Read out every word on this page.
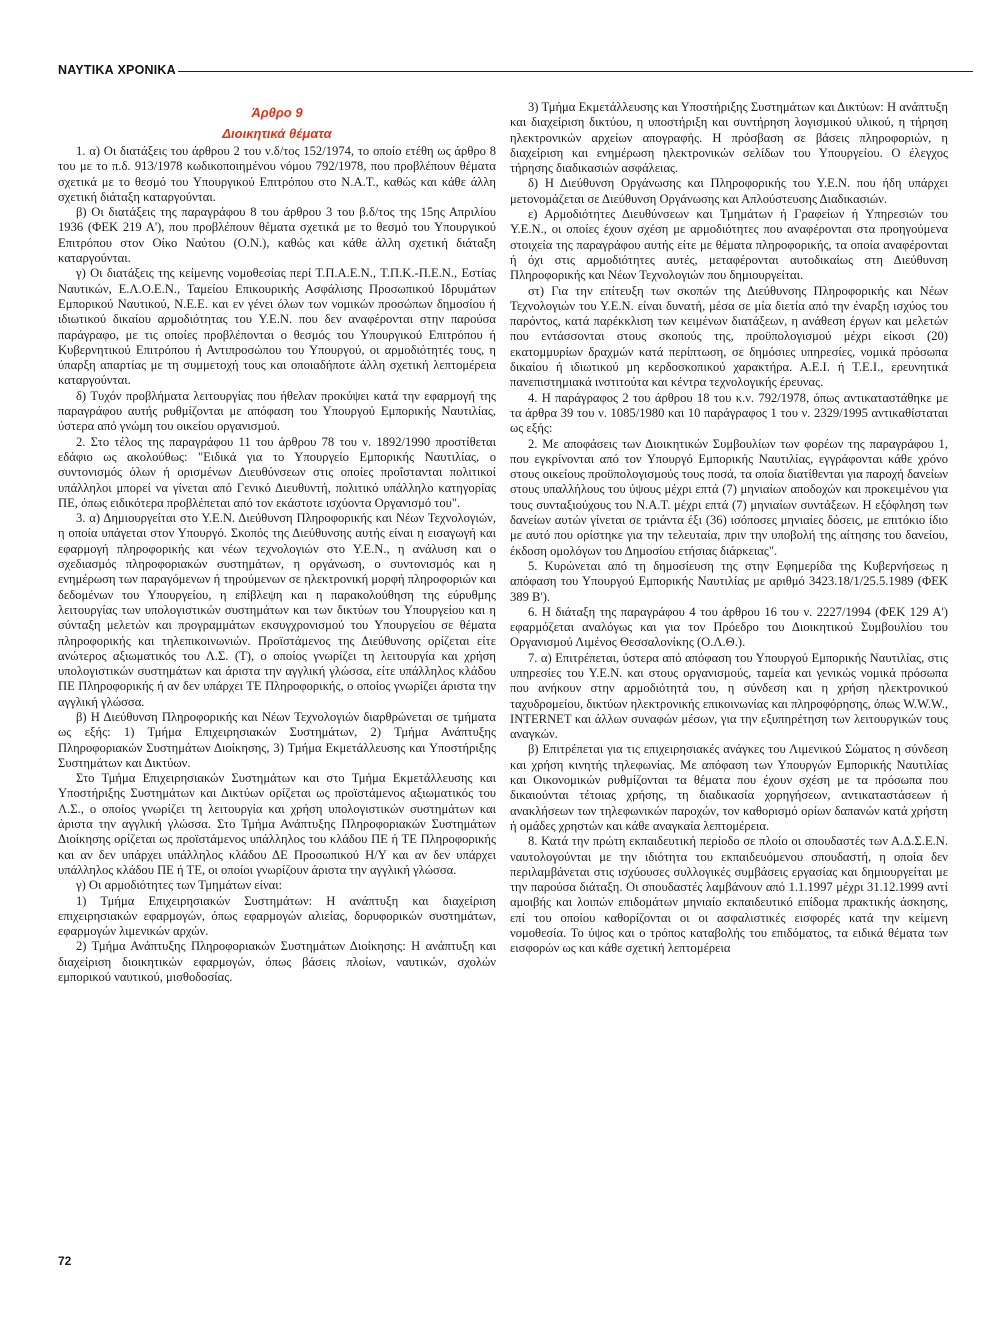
ΝΑΥΤΙΚΑ ΧΡΟΝΙΚΑ
Άρθρο 9
Διοικητικά θέματα

1. α) Οι διατάξεις του άρθρου 2 του ν.δ/τος 152/1974, το οποίο ετέθη ως άρθρο 8 του με το π.δ. 913/1978 κωδικοποιημένου νόμου 792/1978, που προβλέπουν θέματα σχετικά με το θεσμό του Υπουργικού Επιτρόπου στο Ν.Α.Τ., καθώς και κάθε άλλη σχετική διάταξη καταργούνται.

β) Οι διατάξεις της παραγράφου 8 του άρθρου 3 του β.δ/τος της 15ης Απριλίου 1936 (ΦΕΚ 219 Α'), που προβλέπουν θέματα σχετικά με το θεσμό του Υπουργικού Επιτρόπου στον Οίκο Ναύτου (Ο.Ν.), καθώς και κάθε άλλη σχετική διάταξη καταργούνται.

γ) Οι διατάξεις της κείμενης νομοθεσίας περί Τ.Π.Α.Ε.Ν., Τ.Π.Κ.-Π.Ε.Ν., Εστίας Ναυτικών, Ε.Λ.Ο.Ε.Ν., Ταμείου Επικουρικής Ασφάλισης Προσωπικού Ιδρυμάτων Εμπορικού Ναυτικού, Ν.Ε.Ε. και εν γένει όλων των νομικών προσώπων δημοσίου ή ιδιωτικού δικαίου αρμοδιότητας του Υ.Ε.Ν. που δεν αναφέρονται στην παρούσα παράγραφο, με τις οποίες προβλέπονται ο θεσμός του Υπουργικού Επιτρόπου ή Κυβερνητικού Επιτρόπου ή Αντιπροσώπου του Υπουργού, οι αρμοδιότητές τους, η ύπαρξη απαρτίας με τη συμμετοχή τους και οποιαδήποτε άλλη σχετική λεπτομέρεια καταργούνται.

δ) Τυχόν προβλήματα λειτουργίας που ήθελαν προκύψει κατά την εφαρμογή της παραγράφου αυτής ρυθμίζονται με απόφαση του Υπουργού Εμπορικής Ναυτιλίας, ύστερα από γνώμη του οικείου οργανισμού.

2. Στο τέλος της παραγράφου 11 του άρθρου 78 του ν. 1892/1990 προστίθεται εδάφιο ως ακολούθως: "Ειδικά για το Υπουργείο Εμπορικής Ναυτιλίας, ο συντονισμός όλων ή ορισμένων Διευθύνσεων στις οποίες προΐστανται πολιτικοί υπάλληλοι μπορεί να γίνεται από Γενικό Διευθυντή, πολιτικό υπάλληλο κατηγορίας ΠΕ, όπως ειδικότερα προβλέπεται από τον εκάστοτε ισχύοντα Οργανισμό του".

3. α) Δημιουργείται στο Υ.Ε.Ν. Διεύθυνση Πληροφορικής και Νέων Τεχνολογιών, η οποία υπάγεται στον Υπουργό. Σκοπός της Διεύθυνσης αυτής είναι η εισαγωγή και εφαρμογή πληροφορικής και νέων τεχνολογιών στο Υ.Ε.Ν., η ανάλυση και ο σχεδιασμός πληροφοριακών συστημάτων, η οργάνωση, ο συντονισμός και η ενημέρωση των παραγόμενων ή τηρούμενων σε ηλεκτρονική μορφή πληροφοριών και δεδομένων του Υπουργείου, η επίβλεψη και η παρακολούθηση της εύρυθμης λειτουργίας των υπολογιστικών συστημάτων και των δικτύων του Υπουργείου και η σύνταξη μελετών και προγραμμάτων εκσυγχρονισμού του Υπουργείου σε θέματα πληροφορικής και τηλεπικοινωνιών. Προϊστάμενος της Διεύθυνσης ορίζεται είτε ανώτερος αξιωματικός του Λ.Σ. (Τ), ο οποίος γνωρίζει τη λειτουργία και χρήση υπολογιστικών συστημάτων και άριστα την αγγλική γλώσσα, είτε υπάλληλος κλάδου ΠΕ Πληροφορικής ή αν δεν υπάρχει ΤΕ Πληροφορικής, ο οποίος γνωρίζει άριστα την αγγλική γλώσσα.

β) Η Διεύθυνση Πληροφορικής και Νέων Τεχνολογιών διαρθρώνεται σε τμήματα ως εξής: 1) Τμήμα Επιχειρησιακών Συστημάτων, 2) Τμήμα Ανάπτυξης Πληροφοριακών Συστημάτων Διοίκησης, 3) Τμήμα Εκμετάλλευσης και Υποστήριξης Συστημάτων και Δικτύων.

Στο Τμήμα Επιχειρησιακών Συστημάτων και στο Τμήμα Εκμετάλλευσης και Υποστήριξης Συστημάτων και Δικτύων ορίζεται ως προϊστάμενος αξιωματικός του Λ.Σ., ο οποίος γνωρίζει τη λειτουργία και χρήση υπολογιστικών συστημάτων και άριστα την αγγλική γλώσσα. Στο Τμήμα Ανάπτυξης Πληροφοριακών Συστημάτων Διοίκησης ορίζεται ως προϊστάμενος υπάλληλος του κλάδου ΠΕ ή ΤΕ Πληροφορικής και αν δεν υπάρχει υπάλληλος κλάδου ΔΕ Προσωπικού Η/Υ και αν δεν υπάρχει υπάλληλος κλάδου ΠΕ ή ΤΕ, οι οποίοι γνωρίζουν άριστα την αγγλική γλώσσα.

γ) Οι αρμοδιότητες των Τμημάτων είναι:

1) Τμήμα Επιχειρησιακών Συστημάτων: Η ανάπτυξη και διαχείριση επιχειρησιακών εφαρμογών, όπως εφαρμογών αλιείας, δορυφορικών συστημάτων, εφαρμογών λιμενικών αρχών.

2) Τμήμα Ανάπτυξης Πληροφοριακών Συστημάτων Διοίκησης: Η ανάπτυξη και διαχείριση διοικητικών εφαρμογών, όπως βάσεις πλοίων, ναυτικών, σχολών εμπορικού ναυτικού, μισθοδοσίας.

3) Τμήμα Εκμετάλλευσης και Υποστήριξης Συστημάτων και Δικτύων: Η ανάπτυξη και διαχείριση δικτύου, η υποστήριξη και συντήρηση λογισμικού υλικού, η τήρηση ηλεκτρονικών αρχείων απογραφής. Η πρόσβαση σε βάσεις πληροφοριών, η διαχείριση και ενημέρωση ηλεκτρονικών σελίδων του Υπουργείου. Ο έλεγχος τήρησης διαδικασιών ασφάλειας.

δ) Η Διεύθυνση Οργάνωσης και Πληροφορικής του Υ.Ε.Ν. που ήδη υπάρχει μετονομάζεται σε Διεύθυνση Οργάνωσης και Απλούστευσης Διαδικασιών.

ε) Αρμοδιότητες Διευθύνσεων και Τμημάτων ή Γραφείων ή Υπηρεσιών του Υ.Ε.Ν., οι οποίες έχουν σχέση με αρμοδιότητες που αναφέρονται στα προηγούμενα στοιχεία της παραγράφου αυτής είτε με θέματα πληροφορικής, τα οποία αναφέρονται ή όχι στις αρμοδιότητες αυτές, μεταφέρονται αυτοδικαίως στη Διεύθυνση Πληροφορικής και Νέων Τεχνολογιών που δημιουργείται.

στ) Για την επίτευξη των σκοπών της Διεύθυνσης Πληροφορικής και Νέων Τεχνολογιών του Υ.Ε.Ν. είναι δυνατή, μέσα σε μία διετία από την έναρξη ισχύος του παρόντος, κατά παρέκκλιση των κειμένων διατάξεων, η ανάθεση έργων και μελετών που εντάσσονται στους σκοπούς της, προϋπολογισμού μέχρι είκοσι (20) εκατομμυρίων δραχμών κατά περίπτωση, σε δημόσιες υπηρεσίες, νομικά πρόσωπα δικαίου ή ιδιωτικού μη κερδοσκοπικού χαρακτήρα. Α.Ε.Ι. ή Τ.Ε.Ι., ερευνητικά πανεπιστημιακά ινστιτούτα και κέντρα τεχνολογικής έρευνας.

4. Η παράγραφος 2 του άρθρου 18 του κ.ν. 792/1978, όπως αντικαταστάθηκε με τα άρθρα 39 του ν. 1085/1980 και 10 παράγραφος 1 του ν. 2329/1995 αντικαθίσταται ως εξής:

2. Με αποφάσεις των Διοικητικών Συμβουλίων των φορέων της παραγράφου 1, που εγκρίνονται από τον Υπουργό Εμπορικής Ναυτιλίας, εγγράφονται κάθε χρόνο στους οικείους προϋπολογισμούς τους ποσά, τα οποία διατίθενται για παροχή δανείων στους υπαλλήλους του ύψους μέχρι επτά (7) μηνιαίων αποδοχών και προκειμένου για τους συνταξιούχους του Ν.Α.Τ. μέχρι επτά (7) μηνιαίων συντάξεων. Η εξόφληση των δανείων αυτών γίνεται σε τριάντα έξι (36) ισόποσες μηνιαίες δόσεις, με επιτόκιο ίδιο με αυτό που ορίστηκε για την τελευταία, πριν την υποβολή της αίτησης του δανείου, έκδοση ομολόγων του Δημοσίου ετήσιας διάρκειας".

5. Κυρώνεται από τη δημοσίευση της στην Εφημερίδα της Κυβερνήσεως η απόφαση του Υπουργού Εμπορικής Ναυτιλίας με αριθμό 3423.18/1/25.5.1989 (ΦΕΚ 389 Β').

6. Η διάταξη της παραγράφου 4 του άρθρου 16 του ν. 2227/1994 (ΦΕΚ 129 Α') εφαρμόζεται αναλόγως και για τον Πρόεδρο του Διοικητικού Συμβουλίου του Οργανισμού Λιμένος Θεσσαλονίκης (Ο.Λ.Θ.).

7. α) Επιτρέπεται, ύστερα από απόφαση του Υπουργού Εμπορικής Ναυτιλίας, στις υπηρεσίες του Υ.Ε.Ν. και στους οργανισμούς, ταμεία και γενικώς νομικά πρόσωπα που ανήκουν στην αρμοδιότητά του, η σύνδεση και η χρήση ηλεκτρονικού ταχυδρομείου, δικτύων ηλεκτρονικής επικοινωνίας και πληροφόρησης, όπως W.W.W., INTERNET και άλλων συναφών μέσων, για την εξυπηρέτηση των λειτουργικών τους αναγκών.

β) Επιτρέπεται για τις επιχειρησιακές ανάγκες του Λιμενικού Σώματος η σύνδεση και χρήση κινητής τηλεφωνίας. Με απόφαση των Υπουργών Εμπορικής Ναυτιλίας και Οικονομικών ρυθμίζονται τα θέματα που έχουν σχέση με τα πρόσωπα που δικαιούνται τέτοιας χρήσης, τη διαδικασία χορηγήσεων, αντικαταστάσεων ή ανακλήσεων των τηλεφωνικών παροχών, τον καθορισμό ορίων δαπανών κατά χρήστη ή ομάδες χρηστών και κάθε αναγκαία λεπτομέρεια.

8. Κατά την πρώτη εκπαιδευτική περίοδο σε πλοίο οι σπουδαστές των Α.Δ.Σ.Ε.Ν. ναυτολογούνται με την ιδιότητα του εκπαιδευόμενου σπουδαστή, η οποία δεν περιλαμβάνεται στις ισχύουσες συλλογικές συμβάσεις εργασίας και δημιουργείται με την παρούσα διάταξη. Οι σπουδαστές λαμβάνουν από 1.1.1997 μέχρι 31.12.1999 αντί αμοιβής και λοιπών επιδομάτων μηνιαίο εκπαιδευτικό επίδομα πρακτικής άσκησης, επί του οποίου καθορίζονται οι οι ασφαλιστικές εισφορές κατά την κείμενη νομοθεσία. Το ύψος και ο τρόπος καταβολής του επιδόματος, τα ειδικά θέματα των εισφορών ως και κάθε σχετική λεπτομέρεια

72
